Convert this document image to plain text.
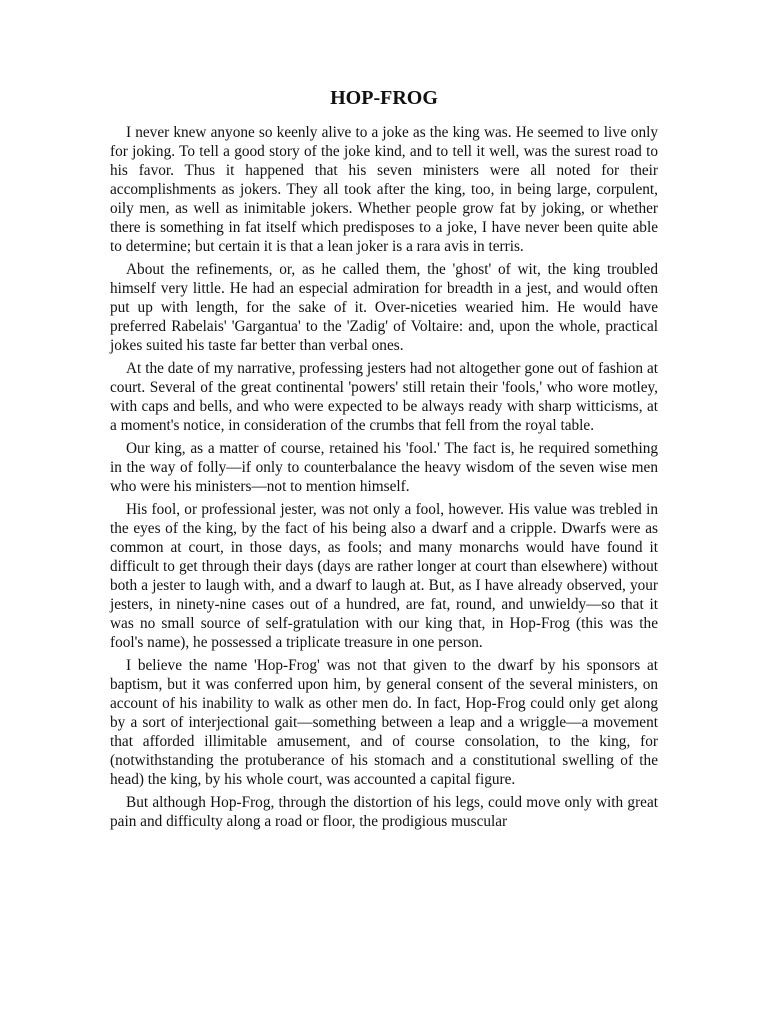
HOP-FROG

I never knew anyone so keenly alive to a joke as the king was. He seemed to live only for joking. To tell a good story of the joke kind, and to tell it well, was the surest road to his favor. Thus it happened that his seven ministers were all noted for their accomplishments as jokers. They all took after the king, too, in being large, corpulent, oily men, as well as inimitable jokers. Whether people grow fat by joking, or whether there is something in fat itself which predisposes to a joke, I have never been quite able to determine; but certain it is that a lean joker is a rara avis in terris.

About the refinements, or, as he called them, the 'ghost' of wit, the king troubled himself very little. He had an especial admiration for breadth in a jest, and would often put up with length, for the sake of it. Over-niceties wearied him. He would have preferred Rabelais' 'Gargantua' to the 'Zadig' of Voltaire: and, upon the whole, practical jokes suited his taste far better than verbal ones.

At the date of my narrative, professing jesters had not altogether gone out of fashion at court. Several of the great continental 'powers' still retain their 'fools,' who wore motley, with caps and bells, and who were expected to be always ready with sharp witticisms, at a moment's notice, in consideration of the crumbs that fell from the royal table.

Our king, as a matter of course, retained his 'fool.' The fact is, he required something in the way of folly—if only to counterbalance the heavy wisdom of the seven wise men who were his ministers—not to mention himself.

His fool, or professional jester, was not only a fool, however. His value was trebled in the eyes of the king, by the fact of his being also a dwarf and a cripple. Dwarfs were as common at court, in those days, as fools; and many monarchs would have found it difficult to get through their days (days are rather longer at court than elsewhere) without both a jester to laugh with, and a dwarf to laugh at. But, as I have already observed, your jesters, in ninety-nine cases out of a hundred, are fat, round, and unwieldy—so that it was no small source of self-gratulation with our king that, in Hop-Frog (this was the fool's name), he possessed a triplicate treasure in one person.

I believe the name 'Hop-Frog' was not that given to the dwarf by his sponsors at baptism, but it was conferred upon him, by general consent of the several ministers, on account of his inability to walk as other men do. In fact, Hop-Frog could only get along by a sort of interjectional gait—something between a leap and a wriggle—a movement that afforded illimitable amusement, and of course consolation, to the king, for (notwithstanding the protuberance of his stomach and a constitutional swelling of the head) the king, by his whole court, was accounted a capital figure.

But although Hop-Frog, through the distortion of his legs, could move only with great pain and difficulty along a road or floor, the prodigious muscular
